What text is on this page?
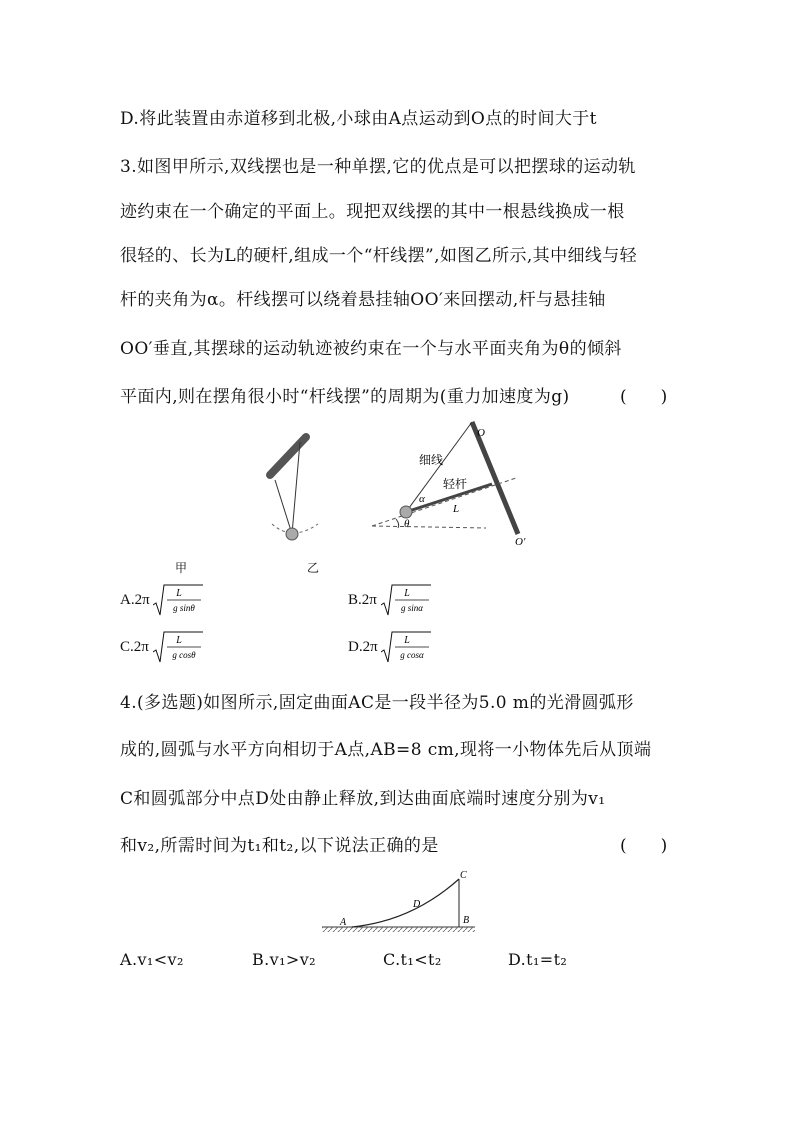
D.将此装置由赤道移到北极,小球由A点运动到O点的时间大于t
3.如图甲所示,双线摆也是一种单摆,它的优点是可以把摆球的运动轨
迹约束在一个确定的平面上。现把双线摆的其中一根悬线换成一根
很轻的、长为L的硬杆,组成一个“杆线摆”,如图乙所示,其中细线与轻
杆的夹角为α。杆线摆可以绕着悬挂轴OO′来回摆动,杆与悬挂轴
OO′垂直,其摆球的运动轨迹被约束在一个与水平面夹角为θ的倾斜
平面内,则在摆角很小时“杆线摆”的周期为(重力加速度为g)	(　　)
O
O′
细线
轻杆
L
α
θ
甲	乙
A.2π	L
g sinθ
B.2π	L
g sinα
C.2π	L
g cosθ
D.2π	L
g cosα
4.(多选题)如图所示,固定曲面AC是一段半径为5.0 m的光滑圆弧形
成的,圆弧与水平方向相切于A点,AB=8 cm,现将一小物体先后从顶端
C和圆弧部分中点D处由静止释放,到达曲面底端时速度分别为v₁
和v₂,所需时间为t₁和t₂,以下说法正确的是	(　　)
A	B
C
D
A.v₁<v₂	B.v₁>v₂	C.t₁<t₂	D.t₁=t₂
